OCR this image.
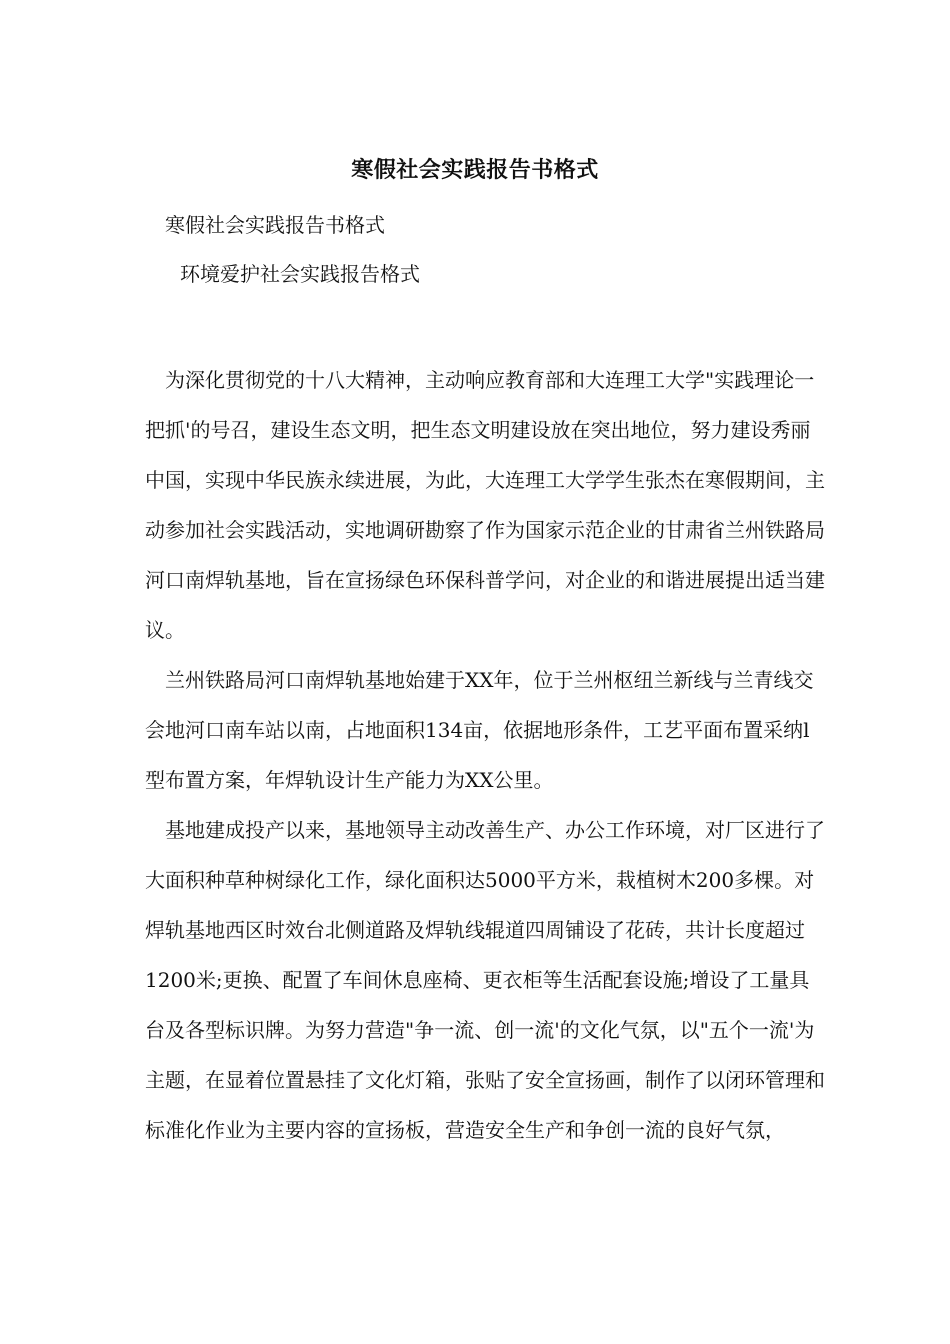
寒假社会实践报告书格式
寒假社会实践报告书格式
环境爱护社会实践报告格式

为深化贯彻党的十八大精神，主动响应教育部和大连理工大学"实践理论一把抓'的号召，建设生态文明，把生态文明建设放在突出地位，努力建设秀丽中国，实现中华民族永续进展，为此，大连理工大学学生张杰在寒假期间，主动参加社会实践活动，实地调研勘察了作为国家示范企业的甘肃省兰州铁路局河口南焊轨基地，旨在宣扬绿色环保科普学问，对企业的和谐进展提出适当建议。

兰州铁路局河口南焊轨基地始建于XX年，位于兰州枢纽兰新线与兰青线交会地河口南车站以南，占地面积134亩，依据地形条件，工艺平面布置采纳l型布置方案，年焊轨设计生产能力为XX公里。

基地建成投产以来，基地领导主动改善生产、办公工作环境，对厂区进行了大面积种草种树绿化工作，绿化面积达5000平方米，栽植树木200多棵。对焊轨基地西区时效台北侧道路及焊轨线辊道四周铺设了花砖，共计长度超过1200米;更换、配置了车间休息座椅、更衣柜等生活配套设施;增设了工量具台及各型标识牌。为努力营造"争一流、创一流'的文化气氛，以"五个一流'为主题，在显着位置悬挂了文化灯箱，张贴了安全宣扬画，制作了以闭环管理和标准化作业为主要内容的宣扬板，营造安全生产和争创一流的良好气氛，
